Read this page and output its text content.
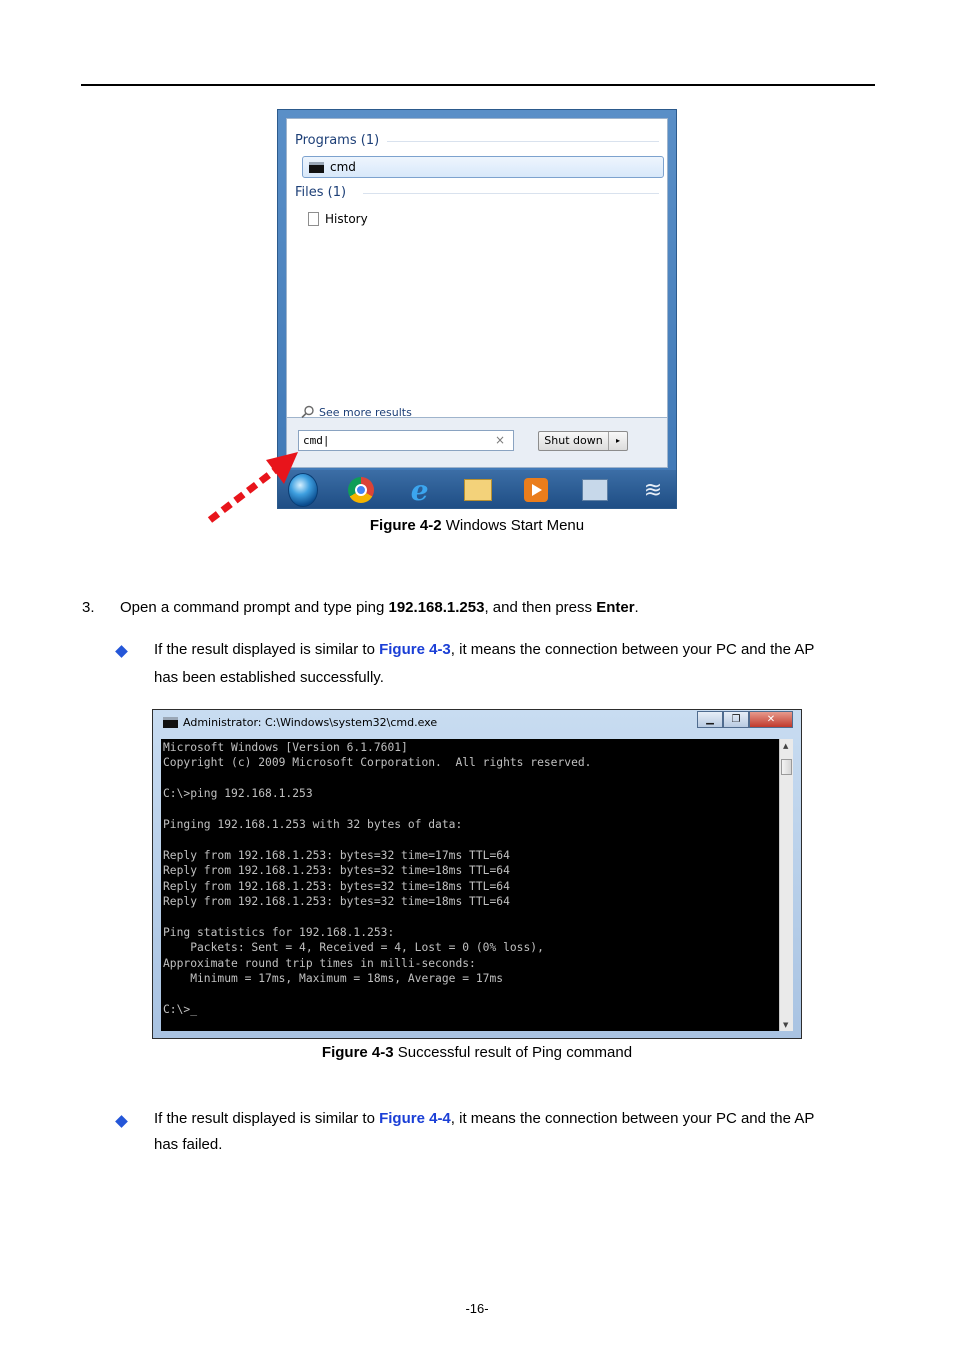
Programs (1)
cmd
Files (1)
History
See more results
cmd|	×	Shut down	▸
e	≋
Figure 4-2 Windows Start Menu
3. Open a command prompt and type ping 192.168.1.253, and then press Enter.
If the result displayed is similar to Figure 4-3, it means the connection between your PC and the AP
has been established successfully.
Administrator: C:\Windows\system32\cmd.exe	▁	❐	✕
Microsoft Windows [Version 6.1.7601]
Copyright (c) 2009 Microsoft Corporation.  All rights reserved.

C:\>ping 192.168.1.253

Pinging 192.168.1.253 with 32 bytes of data:

Reply from 192.168.1.253: bytes=32 time=17ms TTL=64
Reply from 192.168.1.253: bytes=32 time=18ms TTL=64
Reply from 192.168.1.253: bytes=32 time=18ms TTL=64
Reply from 192.168.1.253: bytes=32 time=18ms TTL=64

Ping statistics for 192.168.1.253:
Packets: Sent = 4, Received = 4, Lost = 0 (0% loss),
Approximate round trip times in milli-seconds:
Minimum = 17ms, Maximum = 18ms, Average = 17ms

C:\>_
▲
▼
Figure 4-3 Successful result of Ping command
If the result displayed is similar to Figure 4-4, it means the connection between your PC and the AP
has failed.
-16-
